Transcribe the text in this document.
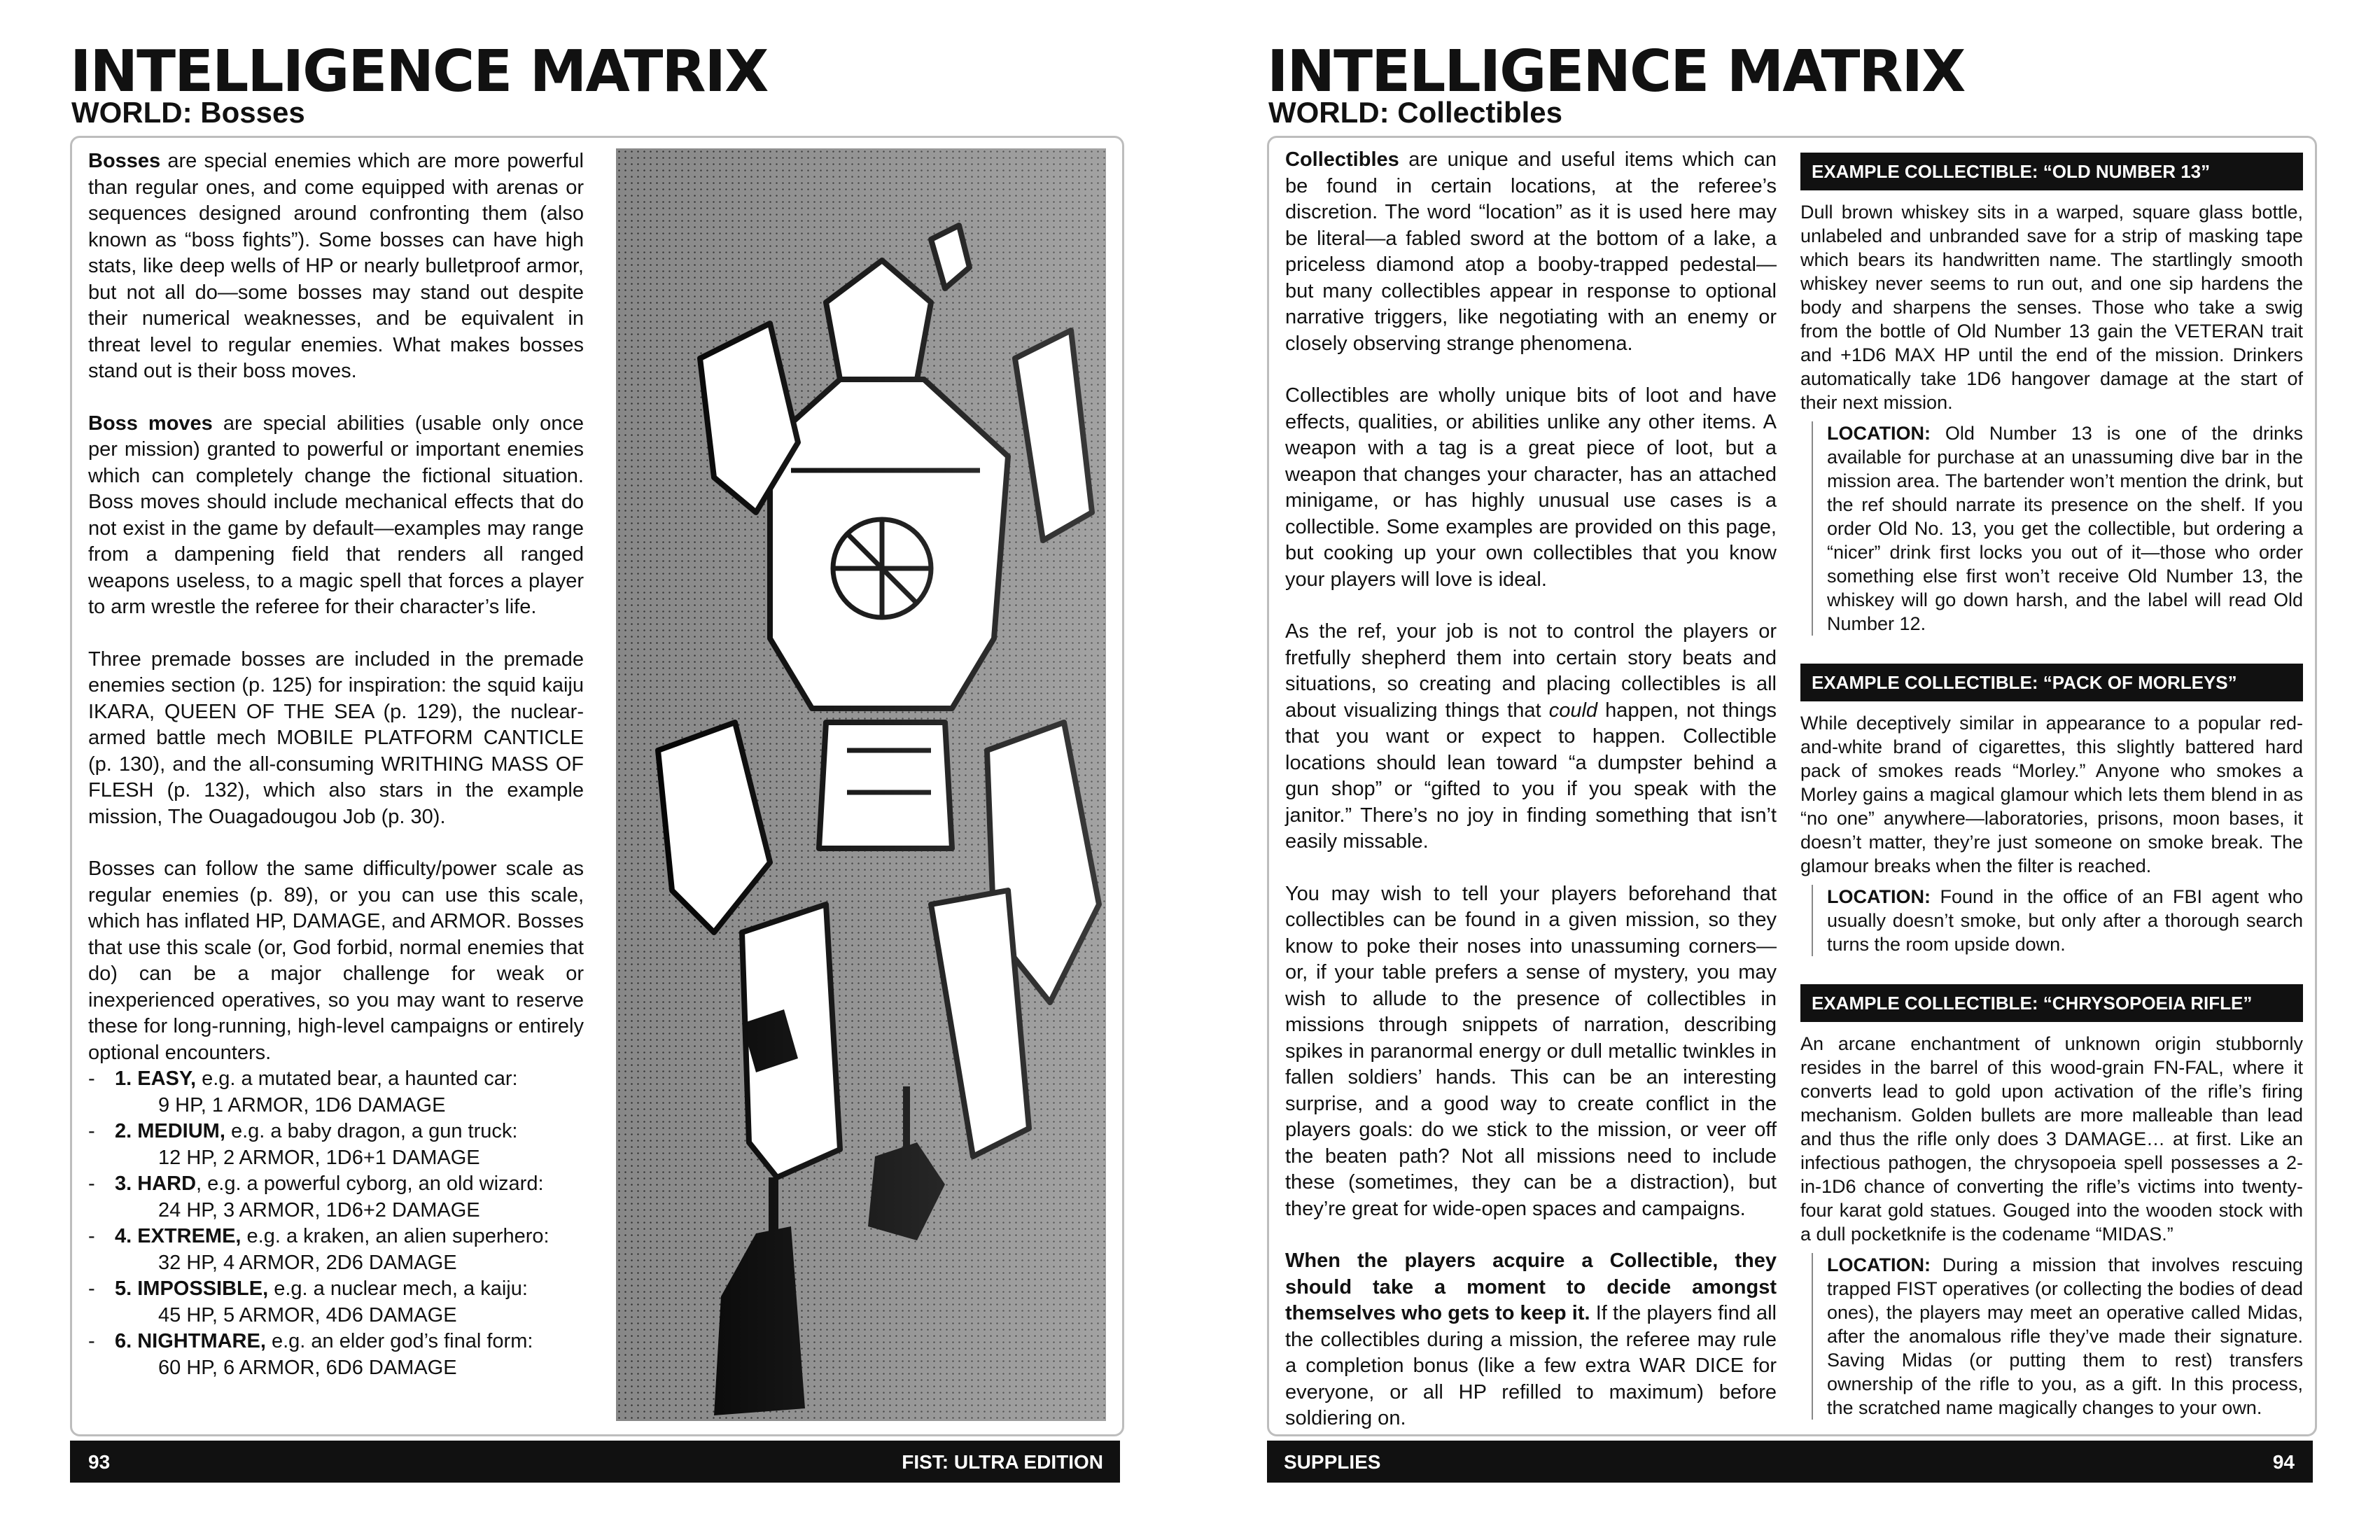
INTELLIGENCE MATRIX
WORLD: Bosses

Bosses are special enemies which are more powerful than regular ones, and come equipped with arenas or sequences designed around confronting them (also known as “boss fights”). Some bosses can have high stats, like deep wells of HP or nearly bulletproof armor, but not all do—some bosses may stand out despite their numerical weaknesses, and be equivalent in threat level to regular enemies. What makes bosses stand out is their boss moves.

Boss moves are special abilities (usable only once per mission) granted to powerful or important enemies which can completely change the fictional situation. Boss moves should include mechanical effects that do not exist in the game by default—examples may range from a dampening field that renders all ranged weapons useless, to a magic spell that forces a player to arm wrestle the referee for their character’s life.

Three premade bosses are included in the premade enemies section (p. 125) for inspiration: the squid kaiju IKARA, QUEEN OF THE SEA (p. 129), the nuclear-armed battle mech MOBILE PLATFORM CANTICLE (p. 130), and the all-consuming WRITHING MASS OF FLESH (p. 132), which also stars in the example mission, The Ouagadougou Job (p. 30).

Bosses can follow the same difficulty/power scale as regular enemies (p. 89), or you can use this scale, which has inflated HP, DAMAGE, and ARMOR. Bosses that use this scale (or, God forbid, normal enemies that do) can be a major challenge for weak or inexperienced operatives, so you may want to reserve these for long-running, high-level campaigns or entirely optional encounters.

- 1. EASY, e.g. a mutated bear, a haunted car:
9 HP, 1 ARMOR, 1D6 DAMAGE
- 2. MEDIUM, e.g. a baby dragon, a gun truck:
12 HP, 2 ARMOR, 1D6+1 DAMAGE
- 3. HARD, e.g. a powerful cyborg, an old wizard:
24 HP, 3 ARMOR, 1D6+2 DAMAGE
- 4. EXTREME, e.g. a kraken, an alien superhero:
32 HP, 4 ARMOR, 2D6 DAMAGE
- 5. IMPOSSIBLE, e.g. a nuclear mech, a kaiju:
45 HP, 5 ARMOR, 4D6 DAMAGE
- 6. NIGHTMARE, e.g. an elder god’s final form:
60 HP, 6 ARMOR, 6D6 DAMAGE
93	FIST: ULTRA EDITION
INTELLIGENCE MATRIX
WORLD: Collectibles

Collectibles are unique and useful items which can be found in certain locations, at the referee’s discretion. The word “location” as it is used here may be literal—a fabled sword at the bottom of a lake, a priceless diamond atop a booby-trapped pedestal—but many collectibles appear in response to optional narrative triggers, like negotiating with an enemy or closely observing strange phenomena.

Collectibles are wholly unique bits of loot and have effects, qualities, or abilities unlike any other items. A weapon with a tag is a great piece of loot, but a weapon that changes your character, has an attached minigame, or has highly unusual use cases is a collectible. Some examples are provided on this page, but cooking up your own collectibles that you know your players will love is ideal.

As the ref, your job is not to control the players or fretfully shepherd them into certain story beats and situations, so creating and placing collectibles is all about visualizing things that could happen, not things that you want or expect to happen. Collectible locations should lean toward “a dumpster behind a gun shop” or “gifted to you if you speak with the janitor.” There’s no joy in finding something that isn’t easily missable.

You may wish to tell your players beforehand that collectibles can be found in a given mission, so they know to poke their noses into unassuming corners—or, if your table prefers a sense of mystery, you may wish to allude to the presence of collectibles in missions through snippets of narration, describing spikes in paranormal energy or dull metallic twinkles in fallen soldiers’ hands. This can be an interesting surprise, and a good way to create conflict in the players goals: do we stick to the mission, or veer off the beaten path? Not all missions need to include these (sometimes, they can be a distraction), but they’re great for wide-open spaces and campaigns.

When the players acquire a Collectible, they should take a moment to decide amongst themselves who gets to keep it. If the players find all the collectibles during a mission, the referee may rule a completion bonus (like a few extra WAR DICE for everyone, or all HP refilled to maximum) before soldiering on.

EXAMPLE COLLECTIBLE: “OLD NUMBER 13”
Dull brown whiskey sits in a warped, square glass bottle, unlabeled and unbranded save for a strip of masking tape which bears its handwritten name. The startlingly smooth whiskey never seems to run out, and one sip hardens the body and sharpens the senses. Those who take a swig from the bottle of Old Number 13 gain the VETERAN trait and +1D6 MAX HP until the end of the mission. Drinkers automatically take 1D6 hangover damage at the start of their next mission.
LOCATION: Old Number 13 is one of the drinks available for purchase at an unassuming dive bar in the mission area. The bartender won’t mention the drink, but the ref should narrate its presence on the shelf. If you order Old No. 13, you get the collectible, but ordering a “nicer” drink first locks you out of it—those who order something else first won’t receive Old Number 13, the whiskey will go down harsh, and the label will read Old Number 12.
EXAMPLE COLLECTIBLE: “PACK OF MORLEYS”
While deceptively similar in appearance to a popular red-and-white brand of cigarettes, this slightly battered hard pack of smokes reads “Morley.” Anyone who smokes a Morley gains a magical glamour which lets them blend in as “no one” anywhere—laboratories, prisons, moon bases, it doesn’t matter, they’re just someone on smoke break. The glamour breaks when the filter is reached.
LOCATION: Found in the office of an FBI agent who usually doesn’t smoke, but only after a thorough search turns the room upside down.
EXAMPLE COLLECTIBLE: “CHRYSOPOEIA RIFLE”
An arcane enchantment of unknown origin stubbornly resides in the barrel of this wood-grain FN-FAL, where it converts lead to gold upon activation of the rifle’s firing mechanism. Golden bullets are more malleable than lead and thus the rifle only does 3 DAMAGE… at first. Like an infectious pathogen, the chrysopoeia spell possesses a 2-in-1D6 chance of converting the rifle’s victims into twenty-four karat gold statues. Gouged into the wooden stock with a dull pocketknife is the codename “MIDAS.”
LOCATION: During a mission that involves rescuing trapped FIST operatives (or collecting the bodies of dead ones), the players may meet an operative called Midas, after the anomalous rifle they’ve made their signature. Saving Midas (or putting them to rest) transfers ownership of the rifle to you, as a gift. In this process, the scratched name magically changes to your own.
SUPPLIES	94
